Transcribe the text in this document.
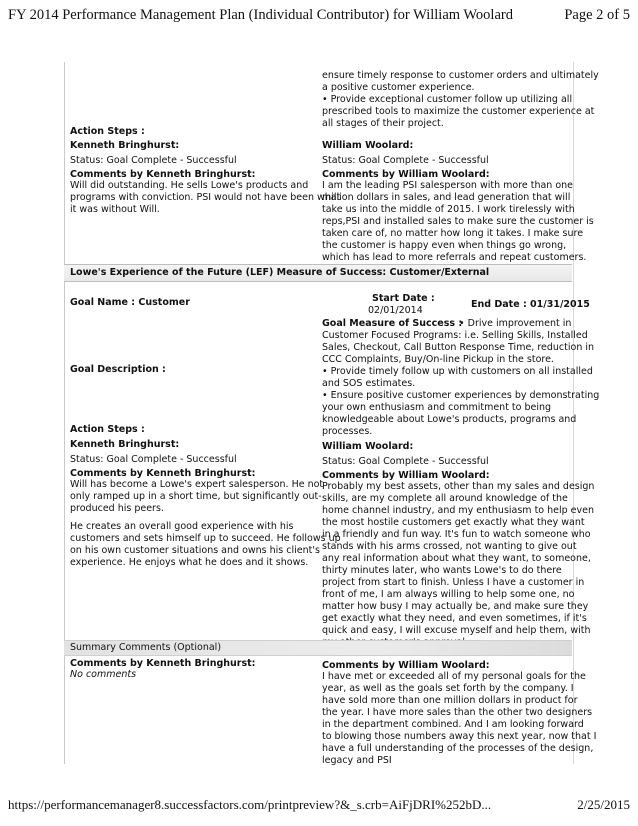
FY 2014 Performance Management Plan (Individual Contributor) for William Woolard	Page 2 of 5
ensure timely response to customer orders and ultimately
a positive customer experience.
• Provide exceptional customer follow up utilizing all
prescribed tools to maximize the customer experience at
all stages of their project.
Action Steps :
Kenneth Bringhurst:
Status: Goal Complete - Successful
Comments by Kenneth Bringhurst:
Will did outstanding. He sells Lowe's products and
programs with conviction. PSI would not have been what
it was without Will.
William Woolard:
Status: Goal Complete - Successful
Comments by William Woolard:
I am the leading PSI salesperson with more than one
million dollars in sales, and lead generation that will
take us into the middle of 2015. I work tirelessly with
reps,PSI and installed sales to make sure the customer is
taken care of, no matter how long it takes. I make sure
the customer is happy even when things go wrong,
which has lead to more referrals and repeat customers.
Lowe's Experience of the Future (LEF) Measure of Success: Customer/External
Goal Name : Customer	Start Date :
02/01/2014
End Date : 01/31/2015
Goal Description :
Goal Measure of Success :
• Drive improvement in
Customer Focused Programs: i.e. Selling Skills, Installed
Sales, Checkout, Call Button Response Time, reduction in
CCC Complaints, Buy/On-line Pickup in the store.
• Provide timely follow up with customers on all installed
and SOS estimates.
• Ensure positive customer experiences by demonstrating
your own enthusiasm and commitment to being
knowledgeable about Lowe's products, programs and
processes.
Action Steps :
Kenneth Bringhurst:
Status: Goal Complete - Successful
Comments by Kenneth Bringhurst:
Will has become a Lowe's expert salesperson. He not
only ramped up in a short time, but significantly out-
produced his peers.
He creates an overall good experience with his
customers and sets himself up to succeed. He follows up
on his own customer situations and owns his client's
experience. He enjoys what he does and it shows.
William Woolard:
Status: Goal Complete - Successful
Comments by William Woolard:
Probably my best assets, other than my sales and design
skills, are my complete all around knowledge of the
home channel industry, and my enthusiasm to help even
the most hostile customers get exactly what they want
in a friendly and fun way. It's fun to watch someone who
stands with his arms crossed, not wanting to give out
any real information about what they want, to someone,
thirty minutes later, who wants Lowe's to do there
project from start to finish. Unless I have a customer in
front of me, I am always willing to help some one, no
matter how busy I may actually be, and make sure they
get exactly what they need, and even sometimes, if it's
quick and easy, I will excuse myself and help them, with
Summary Comments (Optional)
Comments by Kenneth Bringhurst:
No comments
Comments by William Woolard:
I have met or exceeded all of my personal goals for the
year, as well as the goals set forth by the company. I
have sold more than one million dollars in product for
the year. I have more sales than the other two designers
in the department combined. And I am looking forward
to blowing those numbers away this next year, now that I
have a full understanding of the processes of the design,
legacy and PSI
https://performancemanager8.successfactors.com/printpreview?&_s.crb=AiFjDRI%252bD...	2/25/2015
